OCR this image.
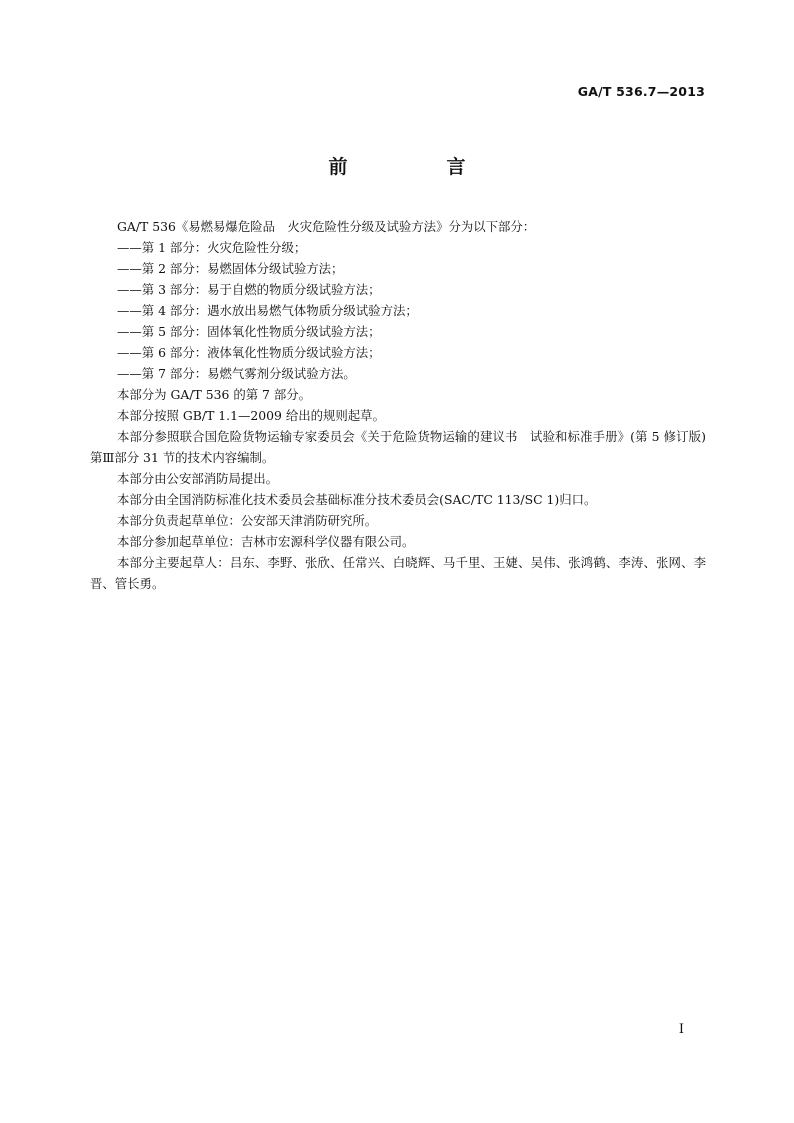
GA/T 536.7—2013
前　言

GA/T 536《易燃易爆危险品　火灾危险性分级及试验方法》分为以下部分：

——第 1 部分：火灾危险性分级；

——第 2 部分：易燃固体分级试验方法；

——第 3 部分：易于自燃的物质分级试验方法；

——第 4 部分：遇水放出易燃气体物质分级试验方法；

——第 5 部分：固体氧化性物质分级试验方法；

——第 6 部分：液体氧化性物质分级试验方法；

——第 7 部分：易燃气雾剂分级试验方法。

本部分为 GA/T 536 的第 7 部分。

本部分按照 GB/T 1.1—2009 给出的规则起草。

本部分参照联合国危险货物运输专家委员会《关于危险货物运输的建议书　试验和标准手册》(第 5 修订版)第Ⅲ部分 31 节的技术内容编制。

本部分由公安部消防局提出。

本部分由全国消防标准化技术委员会基础标准分技术委员会(SAC/TC 113/SC 1)归口。

本部分负责起草单位：公安部天津消防研究所。

本部分参加起草单位：吉林市宏源科学仪器有限公司。

本部分主要起草人：吕东、李野、张欣、任常兴、白晓辉、马千里、王婕、吴伟、张鸿鹤、李涛、张网、李晋、管长勇。

I
